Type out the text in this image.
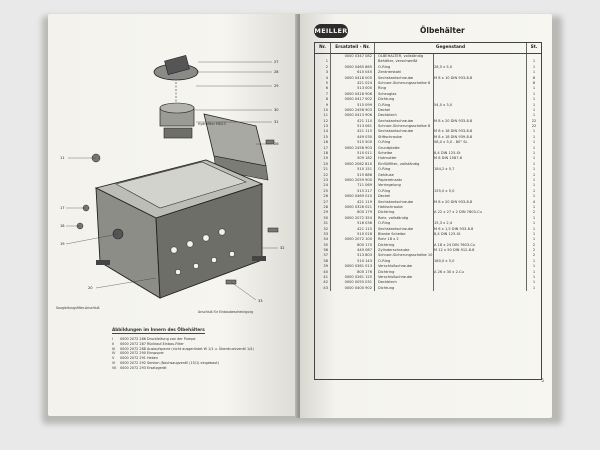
27
28
29
30
31
26
32
11
17
18
19
20
33
Hydrofilter M6/13
Anschluß für Einbaubescheinigung
Saugleitungsfilter-Anschluß
Abbildungen im Innern des Ölbehälters
I	0000 2072 286 Druckleitung von der Pumpe
II	0000 2072 287 Rücklauf-Einbau-Filter
III	0000 2072 288 Auslaufsperre (nicht ausgerüstet W 1/1 u. Überdruckventil 1/4)
IV	0000 2072 290 Einspuper
V	0000 2072 291 Heben
VI	0000 2072 292 Senken (Nachsaugventil (15/1) eingebaut)
VII	0000 2072 293 Ersatzgerät
MEILLER	Ölbehälter
Nr.	Ersatzteil - Nr.	Gegenstand	St.
0000 0347 082	ÖLBEHÄLTER, vollständig
1	Behälter, verschweißt	1
2	0000 0465 865	O-Ring	28,5 x 5,0	1
3	610 045	Zentrierstahl	1
4	0000 0418 005	Sechskantschraube	M 8 x 10 DIN 933-8.8	8
5	421 024	Schnorr-Sicherungsscheibe 8	8
6	513 000	Ring	1
7	0000 0416 906	Scheuglas	1
8	0000 0417 002	Dichtung	1
9	515 099	O-Ring	54,0 x 3,0	1
10	0000 2456 903	Deckel	1
11	0000 0413 906	Deckblech	1
12	421 110	Sechskantschraube	M 8 x 20 DIN 933-8.8	22
13	513 061	Schnorr-Sicherungsscheibe 8	22
14	421 115	Sechskantschraube	M 8 x 18 DIN 933-8.8	1
15	449 030	Stiftschraube	M 8 x 18 DIN 939-8.8	1
16	515 500	O-Ring	58,0 x 3,0 - 80° SL	1
17	0000 2456 903	Grundplatte	1
18	510 011	Scheibe	8,4 DIN 125-St	1
19	509 182	Hutmutter	M 8 DIN 1587-6	1
20	0000 2062 810	Einfüllfilter, vollständig	1
21	510 151	O-Ring	184,2 x 5,7	1
22	515 686	Gehäuse	1
23	0000 2059 900	Papiereinsatz	1
24	711 069	Verriegelung	1
25	515 217	O-Ring	155,0 x 5,0	1
26	0000 0469 010	Deckel	1
27	421 119	Sechskantschraube	M 8 x 20 DIN 933-8.8	4
28	0000 0326 021	Hohlschraube	1
29	800 179	Dichtring	A 22 x 27 x 2 DIN 7603-Cu	2
30	0000 2072 354	Rohr, vollständig	1
31	516 036	O-Ring	15,3 x 2,4	1
32	421 115	Sechskantschraube	M 6 x 1,5 DIN 933-8.8	1
33	510 018	Blanke Scheibe	8,4 DIN 125-St	1
34	0000 2072 100	Rohr 18 x 2	1
35	800 170	Dichtring	A 18 x 24 DIN 7603-Cu	2
36	449 087	Zylinderschraube	M 12 x 50 DIN 912-8.8	2
37	513 803	Schnorr-Sicherungsscheibe 10	2
38	510 143	O-Ring	180,0 x 5,0	1
39	0000 0361 013	Verschlußschraube	1
40	800 176	Dichtring	A 26 x 30 x 2-Cu	1
41	0000 0261 125	Verschlußschraube	1
42	0000 0055 031	Deckblech	1
43	0000 0400 902	Dichtung	1
5
